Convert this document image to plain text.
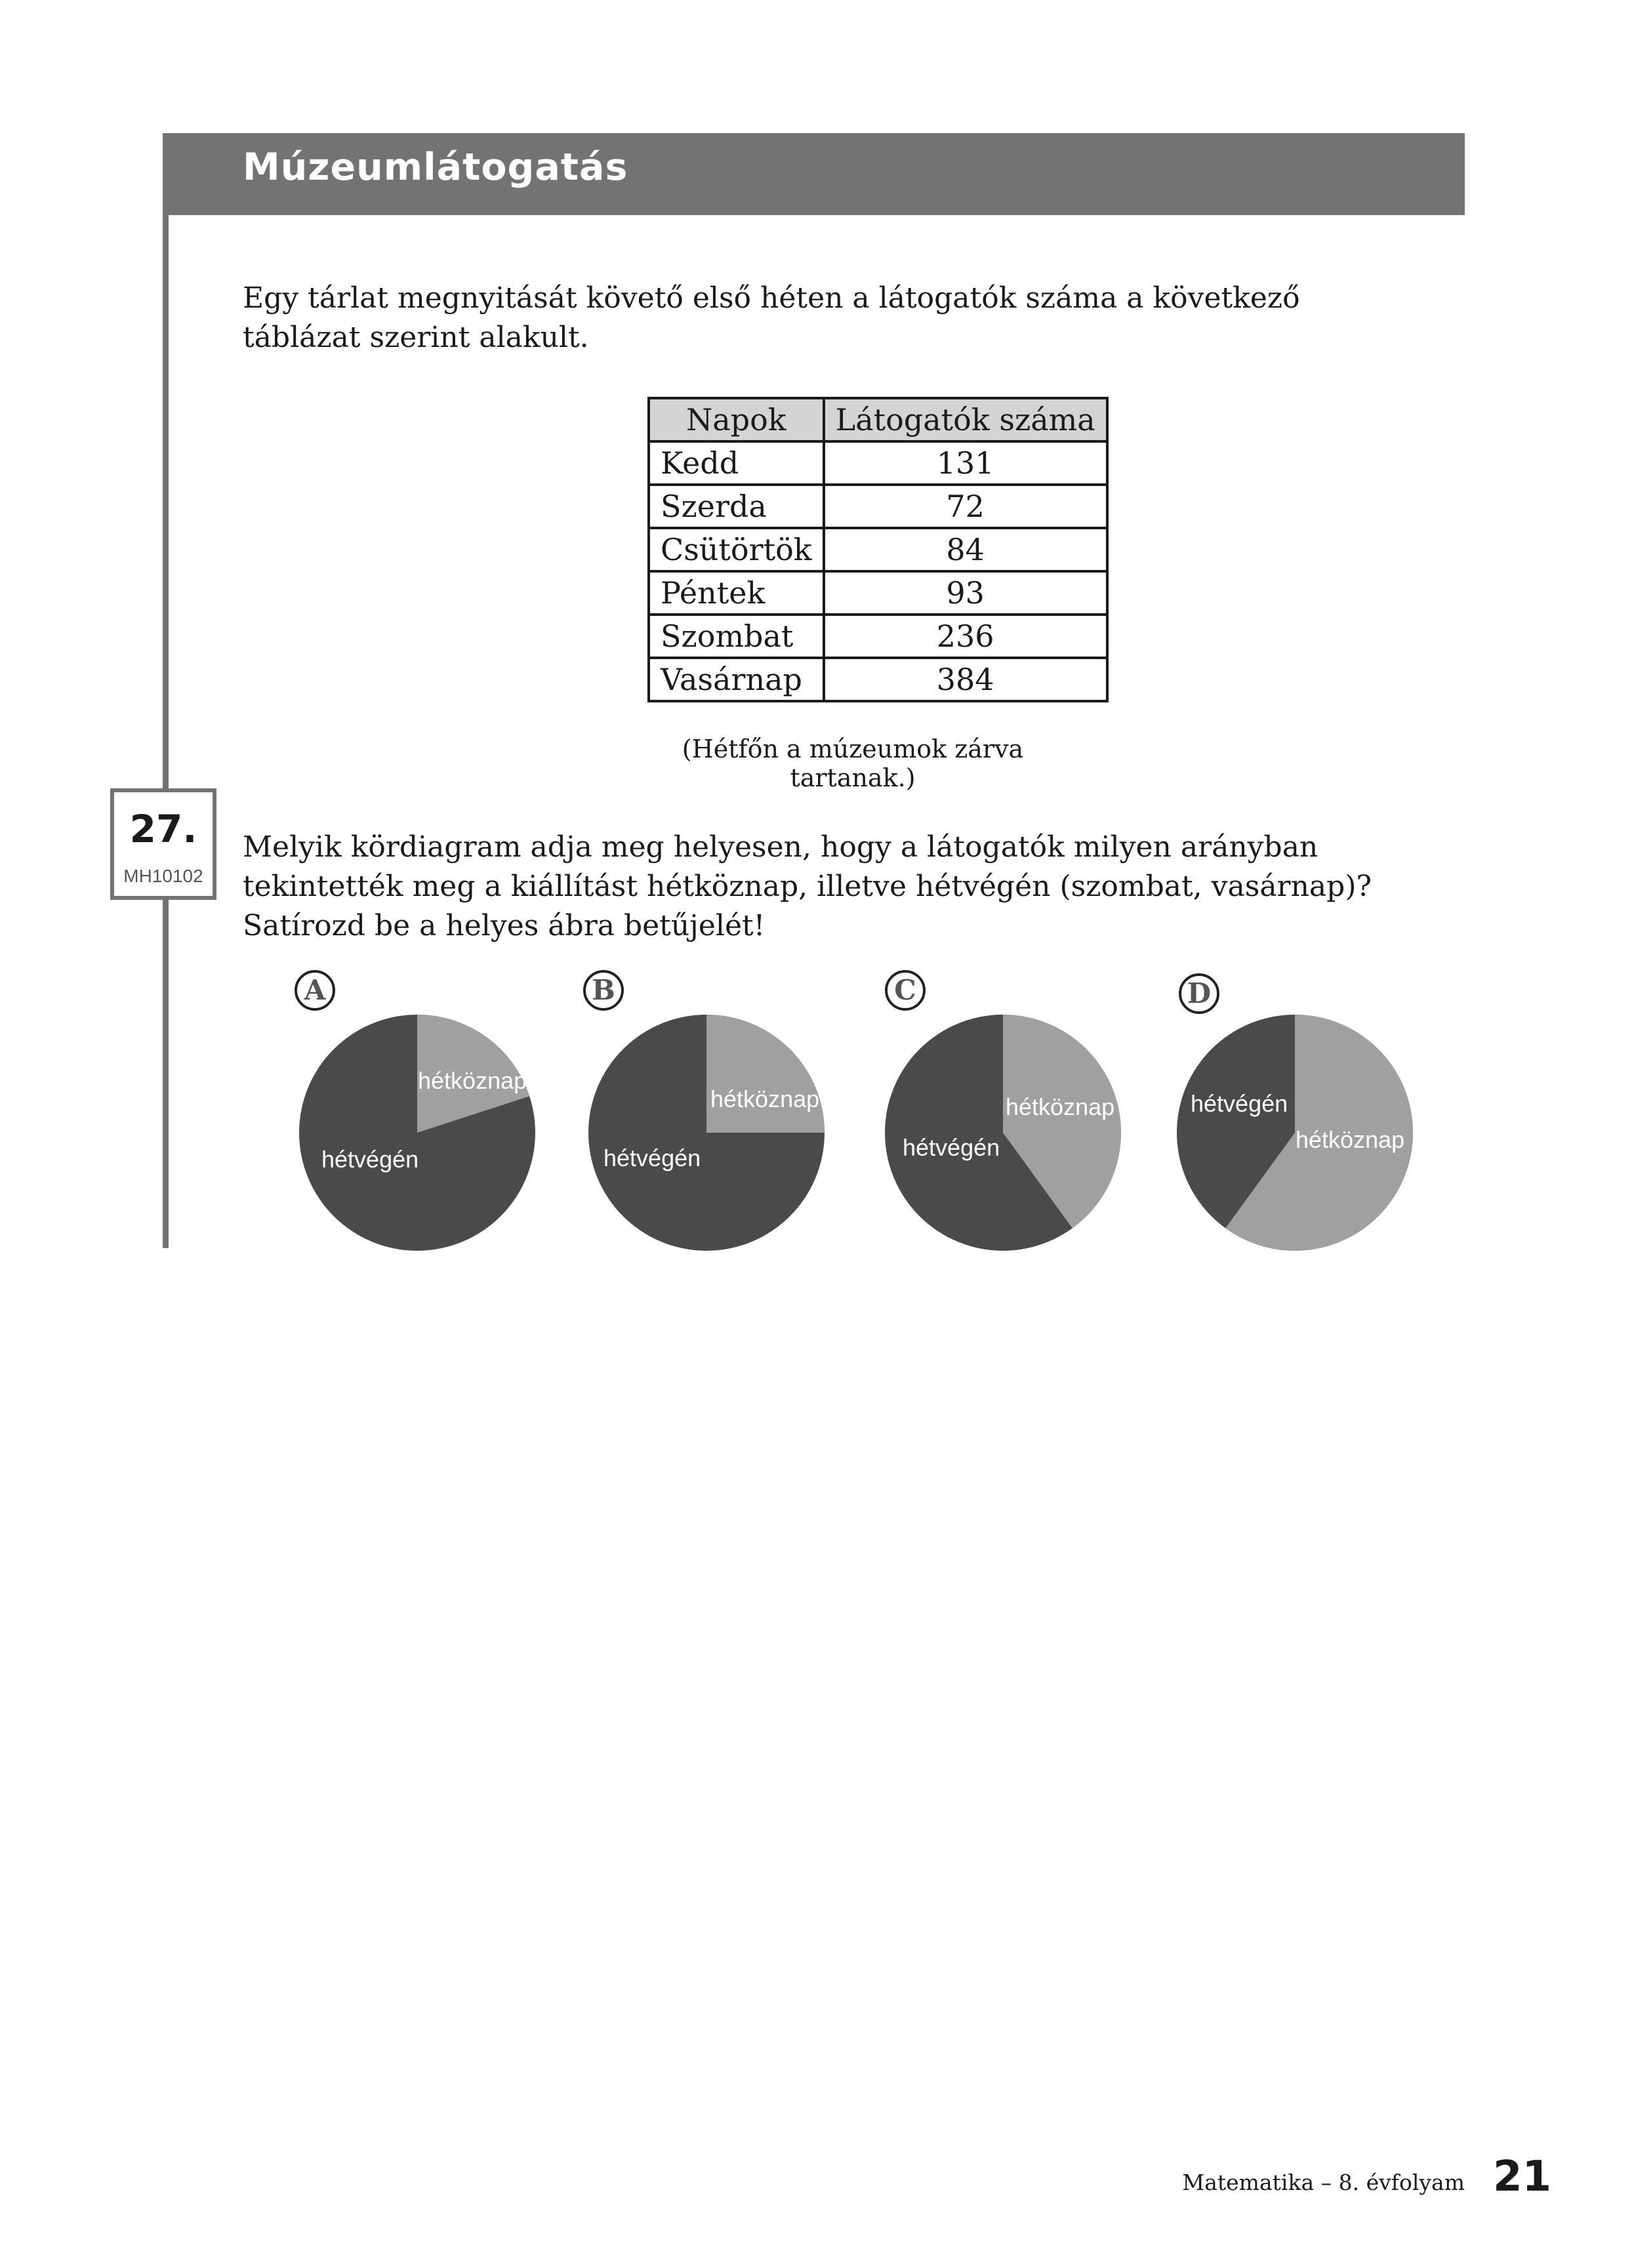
Múzeumlátogatás

Egy tárlat megnyitását követő első héten a látogatók száma a következő táblázat szerint alakult.

Napok	Látogatók száma
Kedd	131
Szerda	72
Csütörtök	84
Péntek	93
Szombat	236
Vasárnap	384
(Hétfőn a múzeumok zárva tartanak.)
27.
MH10102

Melyik kördiagram adja meg helyesen, hogy a látogatók milyen arányban tekintették meg a kiállítást hétköznap, illetve hétvégén (szombat, vasárnap)? Satírozd be a helyes ábra betűjelét!

A
hétköznap
hétvégén
B
hétköznap
hétvégén
C
hétköznap
hétvégén
D
hétköznap
hétvégén
Matematika – 8. évfolyam 21
